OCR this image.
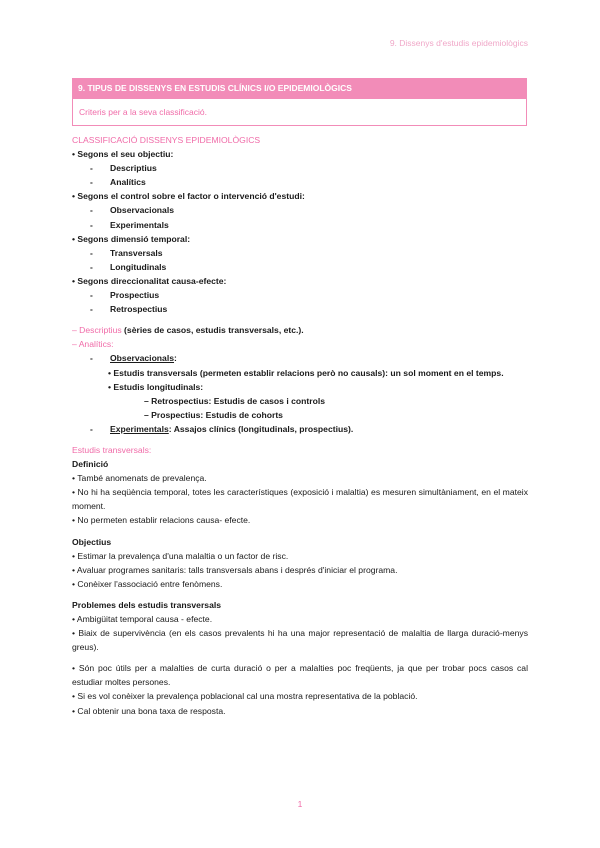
9. Dissenys d'estudis epidemiològics
9. TIPUS DE DISSENYS EN ESTUDIS CLÍNICS I/O EPIDEMIOLÒGICS
Criteris per a la seva classificació.
CLASSIFICACIÓ DISSENYS EPIDEMIOLÒGICS
• Segons el seu objectiu:
- Descriptius
- Analítics
• Segons el control sobre el factor o intervenció d'estudi:
- Observacionals
- Experimentals
• Segons dimensió temporal:
- Transversals
- Longitudinals
• Segons direccionalitat causa-efecte:
- Prospectius
- Retrospectius
– Descriptius (sèries de casos, estudis transversals, etc.).
– Analítics:
- Observacionals:
• Estudis transversals (permeten establir relacions però no causals): un sol moment en el temps.
• Estudis longitudinals:
– Retrospectius: Estudis de casos i controls
– Prospectius: Estudis de cohorts
- Experimentals: Assajos clínics (longitudinals, prospectius).
Estudis transversals:
Definició
• També anomenats de prevalença.
• No hi ha seqüència temporal, totes les característiques (exposició i malaltia) es mesuren simultàniament, en el mateix moment.
• No permeten establir relacions causa- efecte.
Objectius
• Estimar la prevalença d'una malaltia o un factor de risc.
• Avaluar programes sanitaris: talls transversals abans i després d'iniciar el programa.
• Conèixer l'associació entre fenòmens.
Problemes dels estudis transversals
• Ambigüitat temporal causa - efecte.
• Biaix de supervivència (en els casos prevalents hi ha una major representació de malaltia de llarga duració-menys greus).
• Són poc útils per a malalties de curta duració o per a malalties poc freqüents, ja que per trobar pocs casos cal estudiar moltes persones.
• Si es vol conèixer la prevalença poblacional cal una mostra representativa de la població.
• Cal obtenir una bona taxa de resposta.
1
